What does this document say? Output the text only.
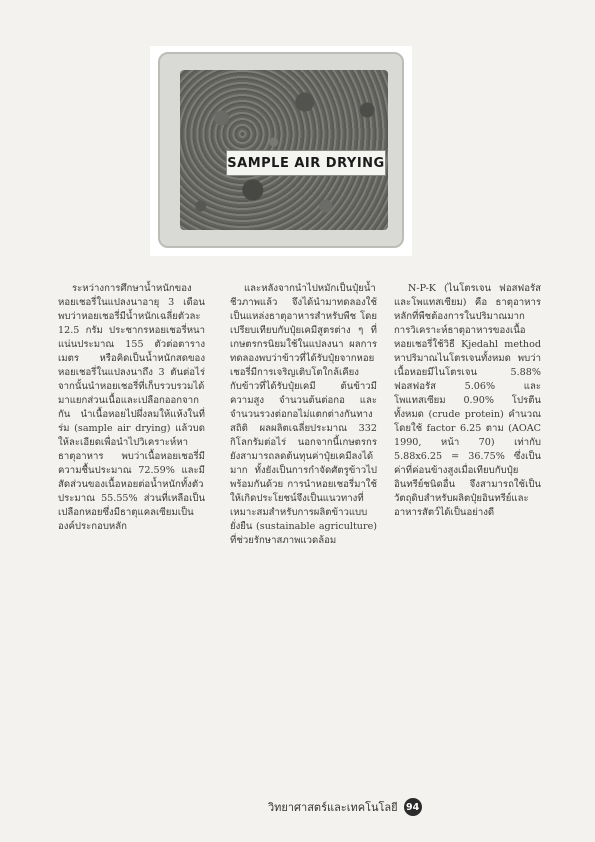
SAMPLE AIR DRYING

ระหว่างการศึกษาน้ำหนักของหอยเชอรี่ในแปลงนาอายุ 3 เดือน พบว่าหอยเชอรี่มีน้ำหนักเฉลี่ยตัวละ 12.5 กรัม ประชากรหอยเชอรี่หนาแน่นประมาณ 155 ตัวต่อตารางเมตร หรือคิดเป็นน้ำหนักสดของหอยเชอรี่ในแปลงนาถึง 3 ตันต่อไร่ จากนั้นนำหอยเชอรี่ที่เก็บรวบรวมได้มาแยกส่วนเนื้อและเปลือกออกจากกัน นำเนื้อหอยไปผึ่งลมให้แห้งในที่ร่ม (sample air drying) แล้วบดให้ละเอียดเพื่อนำไปวิเคราะห์หาธาตุอาหาร พบว่าเนื้อหอยเชอรี่มีความชื้นประมาณ 72.59% และมีสัดส่วนของเนื้อหอยต่อน้ำหนักทั้งตัวประมาณ 55.55% ส่วนที่เหลือเป็นเปลือกหอยซึ่งมีธาตุแคลเซียมเป็นองค์ประกอบหลัก

และหลังจากนำไปหมักเป็นปุ๋ยน้ำชีวภาพแล้ว จึงได้นำมาทดลองใช้เป็นแหล่งธาตุอาหารสำหรับพืช โดยเปรียบเทียบกับปุ๋ยเคมีสูตรต่าง ๆ ที่เกษตรกรนิยมใช้ในแปลงนา ผลการทดลองพบว่าข้าวที่ได้รับปุ๋ยจากหอยเชอรี่มีการเจริญเติบโตใกล้เคียงกับข้าวที่ได้รับปุ๋ยเคมี ต้นข้าวมีความสูง จำนวนต้นต่อกอ และจำนวนรวงต่อกอไม่แตกต่างกันทางสถิติ ผลผลิตเฉลี่ยประมาณ 332 กิโลกรัมต่อไร่ นอกจากนี้เกษตรกรยังสามารถลดต้นทุนค่าปุ๋ยเคมีลงได้มาก ทั้งยังเป็นการกำจัดศัตรูข้าวไปพร้อมกันด้วย การนำหอยเชอรี่มาใช้ให้เกิดประโยชน์จึงเป็นแนวทางที่เหมาะสมสำหรับการผลิตข้าวแบบยั่งยืน (sustainable agriculture) ที่ช่วยรักษาสภาพแวดล้อม

N-P-K (ไนโตรเจน ฟอสฟอรัส และโพแทสเซียม) คือ ธาตุอาหารหลักที่พืชต้องการในปริมาณมาก การวิเคราะห์ธาตุอาหารของเนื้อหอยเชอรี่ใช้วิธี Kjedahl method หาปริมาณไนโตรเจนทั้งหมด พบว่าเนื้อหอยมีไนโตรเจน 5.88% ฟอสฟอรัส 5.06% และโพแทสเซียม 0.90% โปรตีนทั้งหมด (crude protein) คำนวณโดยใช้ factor 6.25 ตาม (AOAC 1990, หน้า 70) เท่ากับ 5.88x6.25 = 36.75% ซึ่งเป็นค่าที่ค่อนข้างสูงเมื่อเทียบกับปุ๋ยอินทรีย์ชนิดอื่น จึงสามารถใช้เป็นวัตถุดิบสำหรับผลิตปุ๋ยอินทรีย์และอาหารสัตว์ได้เป็นอย่างดี

วิทยาศาสตร์และเทคโนโลยี 94
